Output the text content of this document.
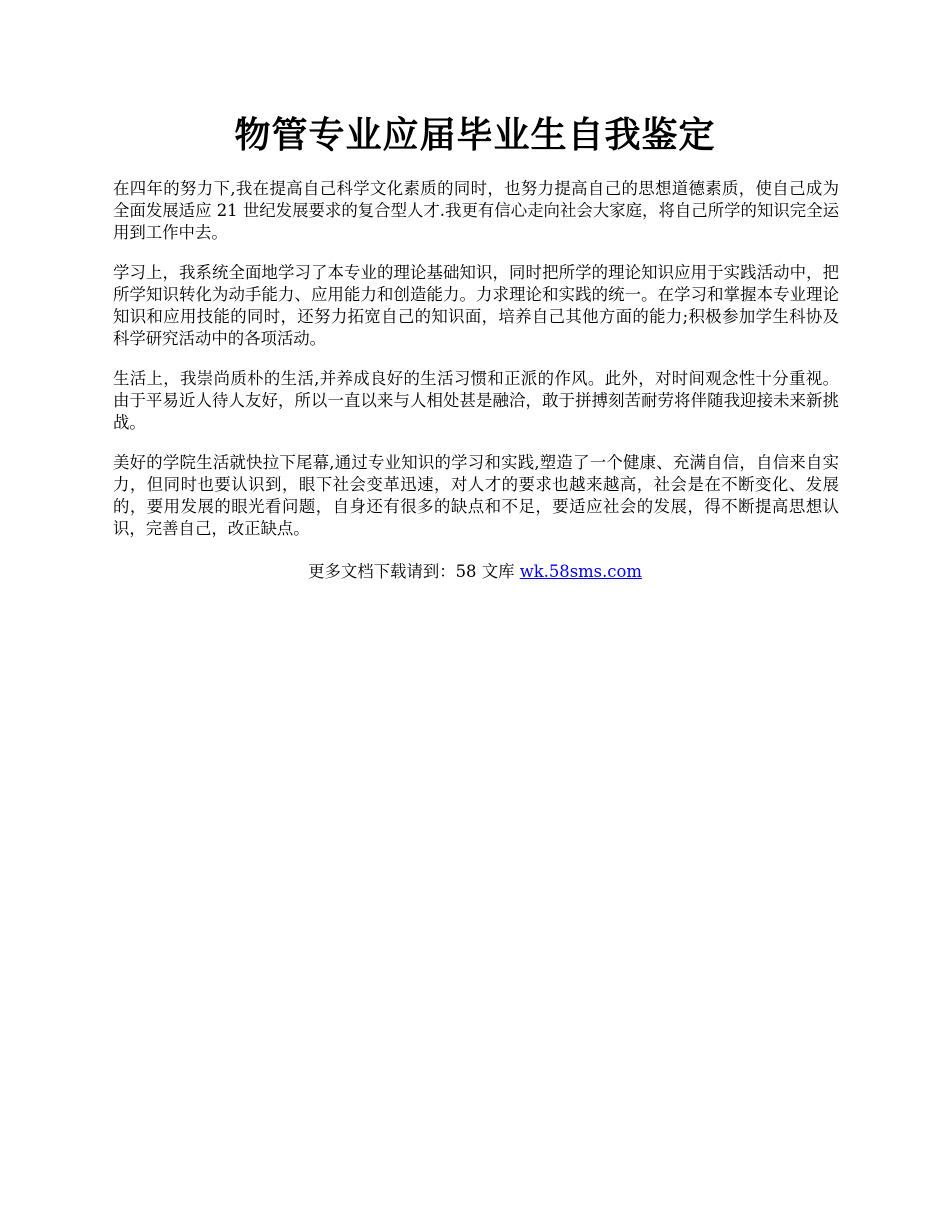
物管专业应届毕业生自我鉴定

在四年的努力下,我在提高自己科学文化素质的同时，也努力提高自己的思想道德素质，使自己成为全面发展适应 21 世纪发展要求的复合型人才.我更有信心走向社会大家庭，将自己所学的知识完全运用到工作中去。

学习上，我系统全面地学习了本专业的理论基础知识，同时把所学的理论知识应用于实践活动中，把所学知识转化为动手能力、应用能力和创造能力。力求理论和实践的统一。在学习和掌握本专业理论知识和应用技能的同时，还努力拓宽自己的知识面，培养自己其他方面的能力;积极参加学生科协及科学研究活动中的各项活动。

生活上，我崇尚质朴的生活,并养成良好的生活习惯和正派的作风。此外，对时间观念性十分重视。由于平易近人待人友好，所以一直以来与人相处甚是融洽，敢于拼搏刻苦耐劳将伴随我迎接未来新挑战。

美好的学院生活就快拉下尾幕,通过专业知识的学习和实践,塑造了一个健康、充满自信，自信来自实力，但同时也要认识到，眼下社会变革迅速，对人才的要求也越来越高，社会是在不断变化、发展的，要用发展的眼光看问题，自身还有很多的缺点和不足，要适应社会的发展，得不断提高思想认识，完善自己，改正缺点。

更多文档下载请到：58 文库 wk.58sms.com
